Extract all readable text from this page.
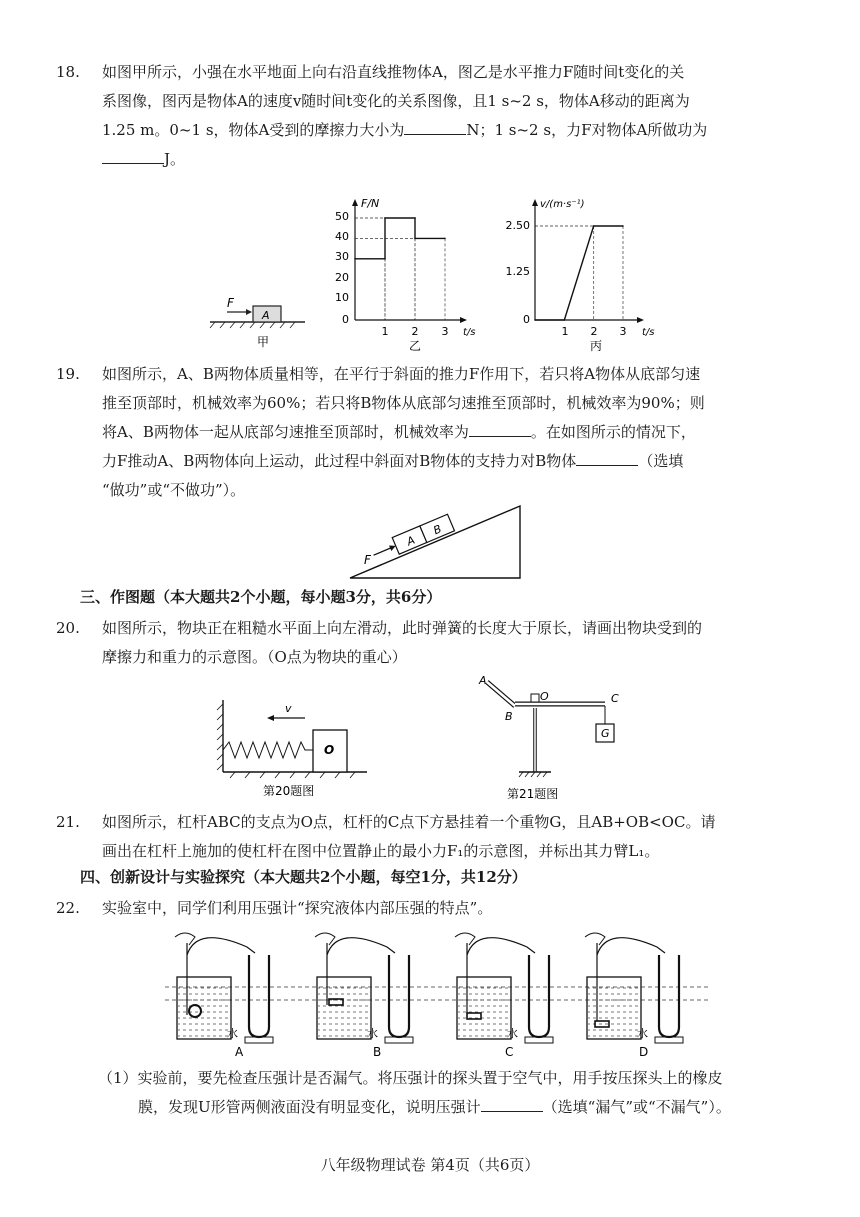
18. 如图甲所示，小强在水平地面上向右沿直线推物体A，图乙是水平推力F随时间t变化的关
系图像，图丙是物体A的速度v随时间t变化的关系图像，且1 s~2 s，物体A移动的距离为
1.25 m。0~1 s，物体A受到的摩擦力大小为	N；1 s~2 s，力F对物体A所做功为
J。
F
A
甲
F/N
t/s
50
40
30
20
10
0
1 2 3
乙
v/(m·s⁻¹)
t/s
2.50
1.25
0
1 2 3
丙
19. 如图所示，A、B两物体质量相等，在平行于斜面的推力F作用下，若只将A物体从底部匀速
推至顶部时，机械效率为60%；若只将B物体从底部匀速推至顶部时，机械效率为90%；则
将A、B两物体一起从底部匀速推至顶部时，机械效率为	。在如图所示的情况下，
力F推动A、B两物体向上运动，此过程中斜面对B物体的支持力对B物体	（选填
“做功”或“不做功”）。
A
B
F
三、作图题（本大题共2个小题，每小题3分，共6分）
20. 如图所示，物块正在粗糙水平面上向左滑动，此时弹簧的长度大于原长，请画出物块受到的
摩擦力和重力的示意图。（O点为物块的重心）
O
v
第20题图
G
A
B
O	C
第21题图
21. 如图所示，杠杆ABC的支点为O点，杠杆的C点下方悬挂着一个重物G，且AB+OB<OC。请
画出在杠杆上施加的使杠杆在图中位置静止的最小力F₁的示意图，并标出其力臂L₁。
四、创新设计与实验探究（本大题共2个小题，每空1分，共12分）
22. 实验室中，同学们利用压强计“探究液体内部压强的特点”。
水	水	水	水
A	B	C	D
（1）实验前，要先检查压强计是否漏气。将压强计的探头置于空气中，用手按压探头上的橡皮
膜，发现U形管两侧液面没有明显变化，说明压强计	（选填“漏气”或“不漏气”）。
八年级物理试卷 第4页（共6页）
